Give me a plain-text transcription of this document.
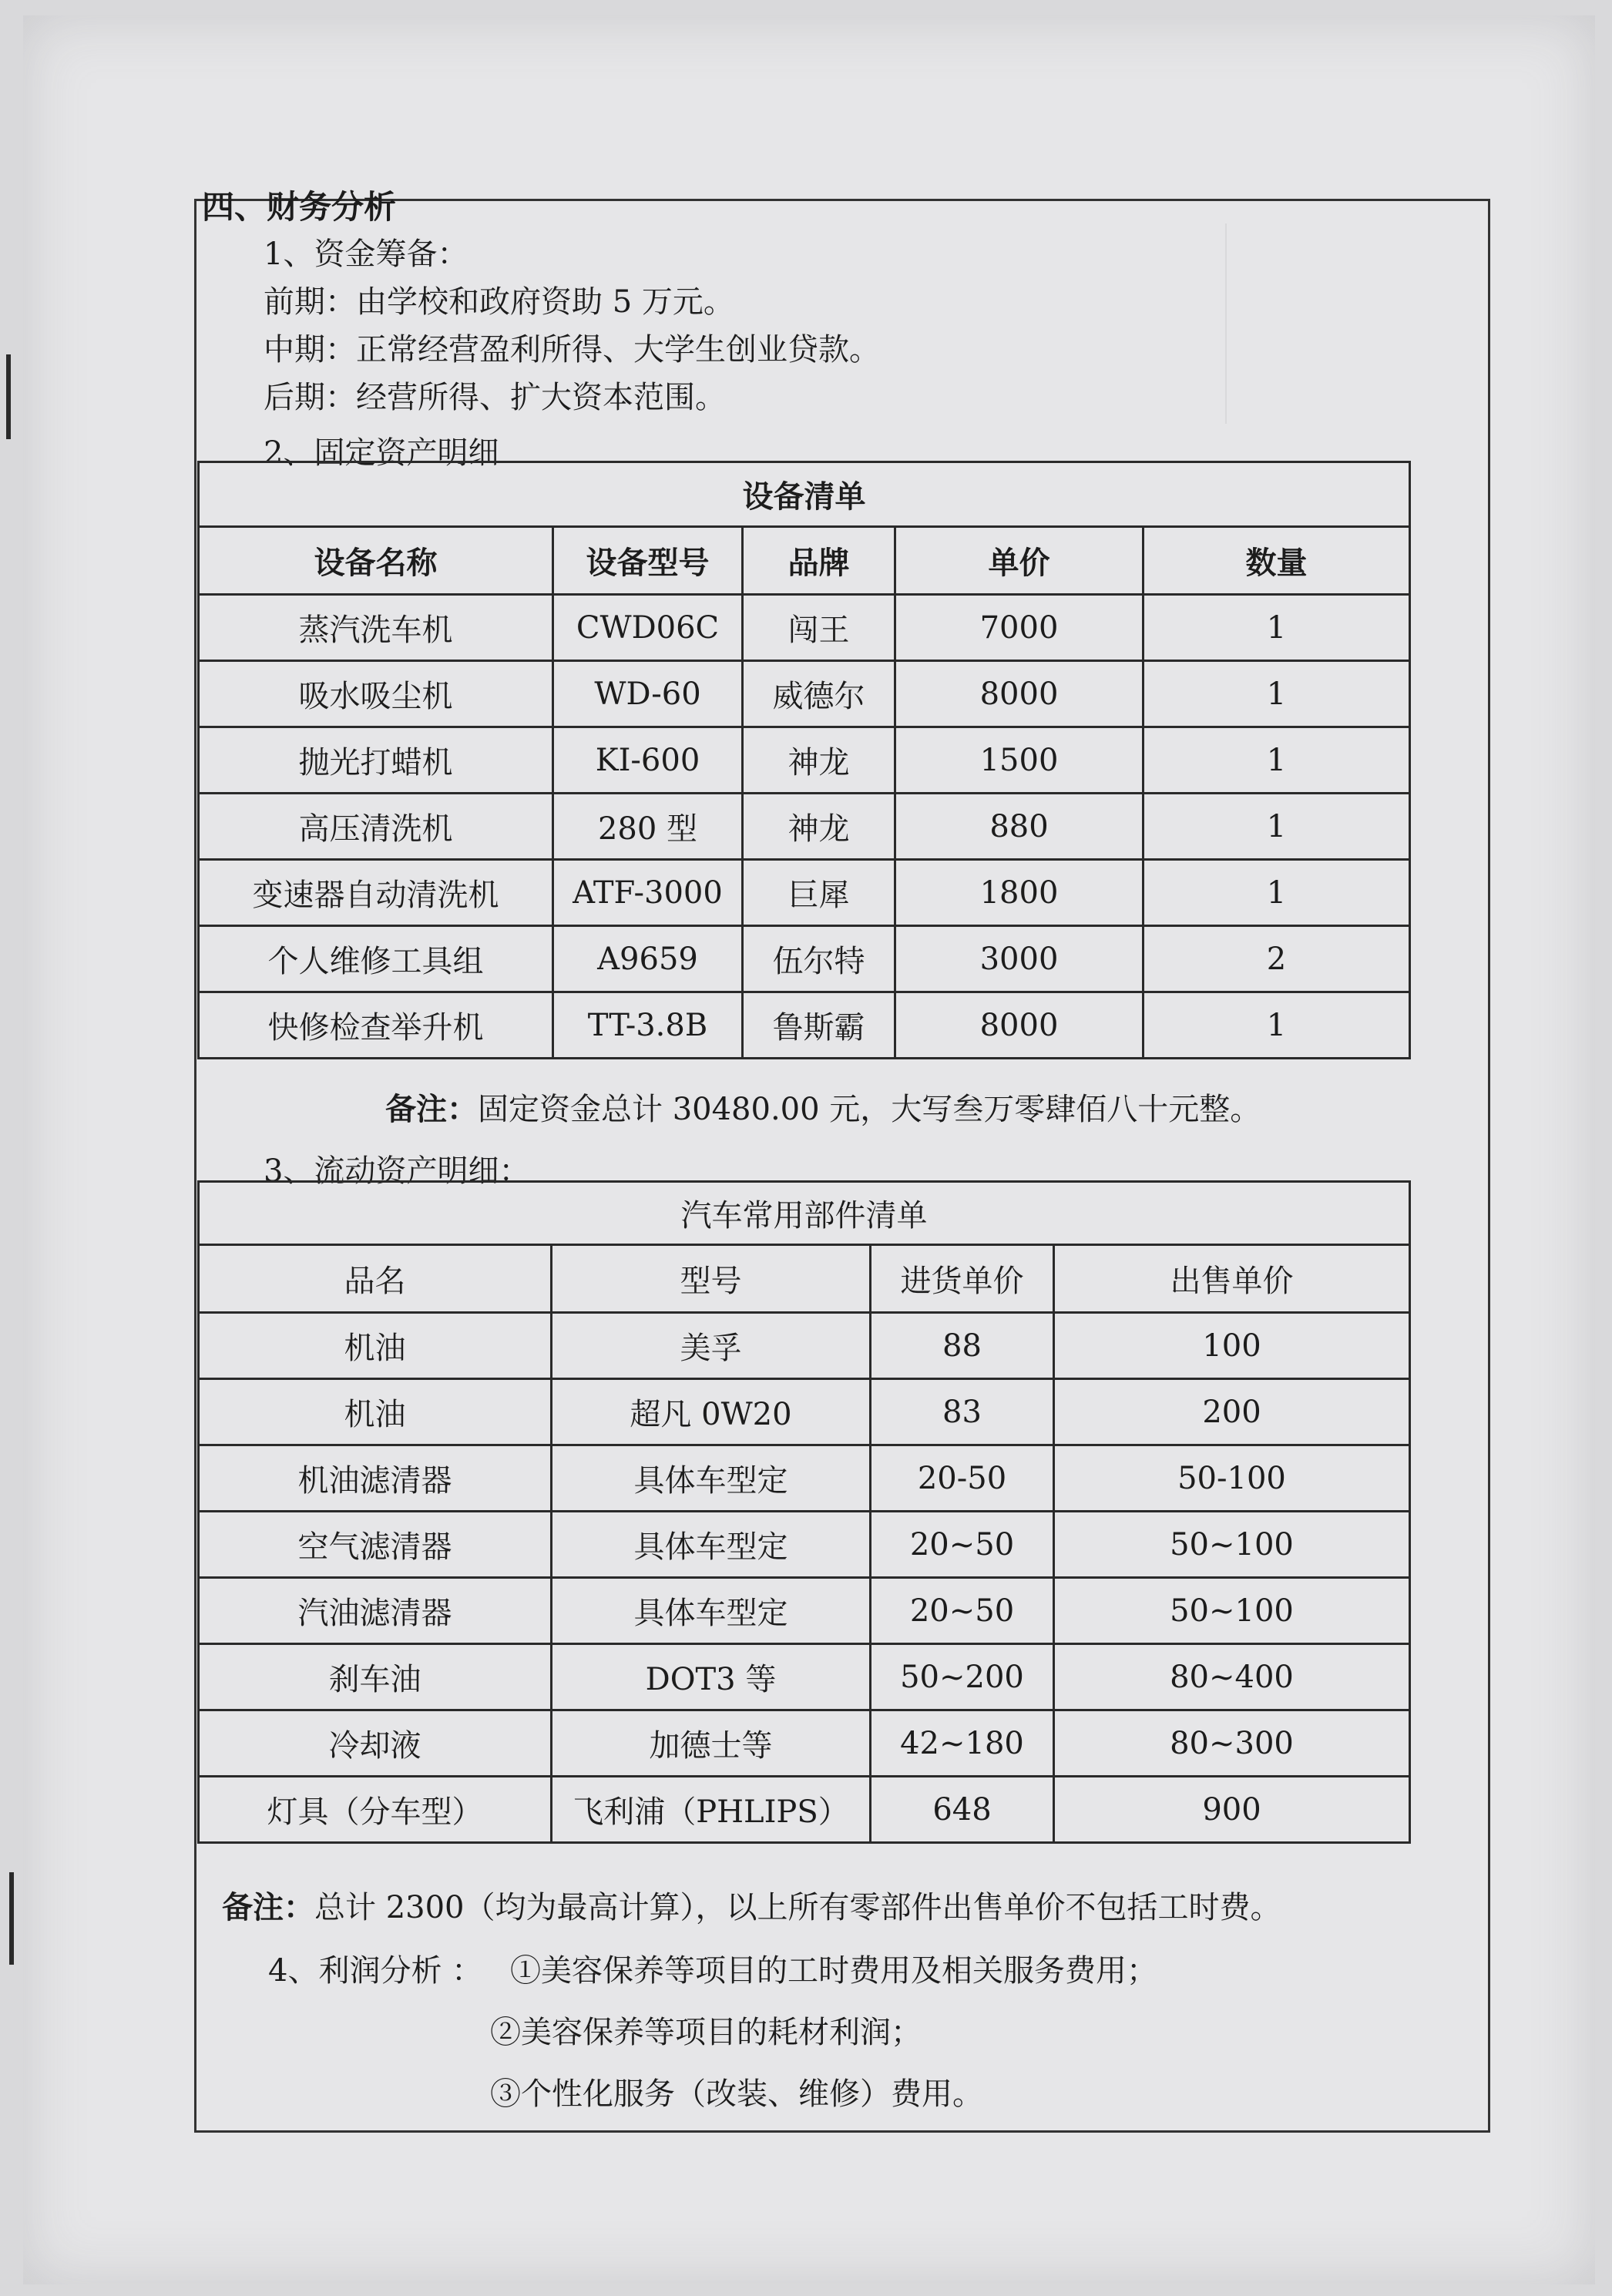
四、财务分析
1、资金筹备：
前期：由学校和政府资助 5 万元。
中期：正常经营盈利所得、大学生创业贷款。
后期：经营所得、扩大资本范围。
2、固定资产明细
设备清单				
设备名称	设备型号	品牌	单价	数量
蒸汽洗车机	CWD06C	闯王	7000	1
吸水吸尘机	WD-60	威德尔	8000	1
抛光打蜡机	KI-600	神龙	1500	1
高压清洗机	280 型	神龙	880	1
变速器自动清洗机	ATF-3000	巨犀	1800	1
个人维修工具组	A9659	伍尔特	3000	2
快修检查举升机	TT-3.8B	鲁斯霸	8000	1
备注：固定资金总计 30480.00 元，大写叁万零肆佰八十元整。
3、流动资产明细：
汽车常用部件清单			
品名	型号	进货单价	出售单价
机油	美孚	88	100
机油	超凡 0W20	83	200
机油滤清器	具体车型定	20-50	50-100
空气滤清器	具体车型定	20~50	50~100
汽油滤清器	具体车型定	20~50	50~100
刹车油	DOT3 等	50~200	80~400
冷却液	加德士等	42~180	80~300
灯具（分车型）	飞利浦（PHLIPS）	648	900
备注：总计 2300（均为最高计算），以上所有零部件出售单价不包括工时费。
4、利润分析 ： ①美容保养等项目的工时费用及相关服务费用；
②美容保养等项目的耗材利润；
③个性化服务（改装、维修）费用。
